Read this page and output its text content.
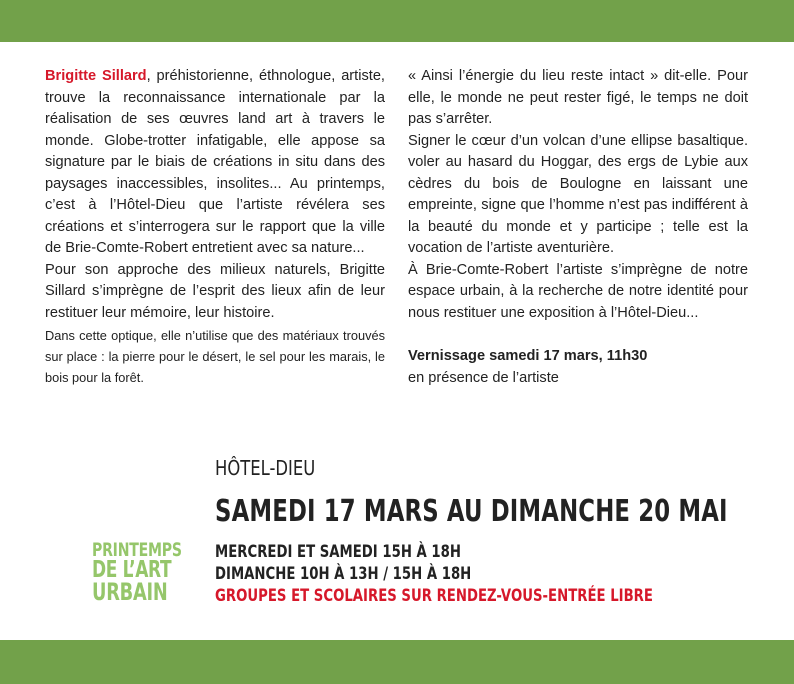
Brigitte Sillard, préhistorienne, éthnologue, artiste, trouve la reconnaissance internationale par la réalisation de ses œuvres land art à travers le monde. Globe-trotter infatigable, elle appose sa signature par le biais de créations in situ dans des paysages inaccessibles, insolites... Au printemps, c’est à l’Hôtel-Dieu que l’artiste révélera ses créations et s’interrogera sur le rapport que la ville de Brie-Comte-Robert entretient avec sa nature...

Pour son approche des milieux naturels, Brigitte Sillard s’imprègne de l’esprit des lieux afin de leur restituer leur mémoire, leur histoire.

Dans cette optique, elle n’utilise que des matériaux trouvés sur place : la pierre pour le désert, le sel pour les marais, le bois pour la forêt.

« Ainsi l’énergie du lieu reste intact » dit-elle. Pour elle, le monde ne peut rester figé, le temps ne doit pas s’arrêter.

Signer le cœur d’un volcan d’une ellipse basaltique. voler au hasard du Hoggar, des ergs de Lybie aux cèdres du bois de Boulogne en laissant une empreinte, signe que l’homme n’est pas indifférent à la beauté du monde et y participe ; telle est la vocation de l’artiste aventurière.

À Brie-Comte-Robert l’artiste s’imprègne de notre espace urbain, à la recherche de notre identité pour nous restituer une exposition à l’Hôtel-Dieu...

Vernissage samedi 17 mars, 11h30

en présence de l’artiste

PRINTEMPS
DE L’ART
URBAIN
HÔTEL-DIEU
SAMEDI 17 MARS AU DIMANCHE 20 MAI
MERCREDI ET SAMEDI 15H À 18H
DIMANCHE 10H À 13H / 15H À 18H
GROUPES ET SCOLAIRES SUR RENDEZ-VOUS-ENTRÉE LIBRE
